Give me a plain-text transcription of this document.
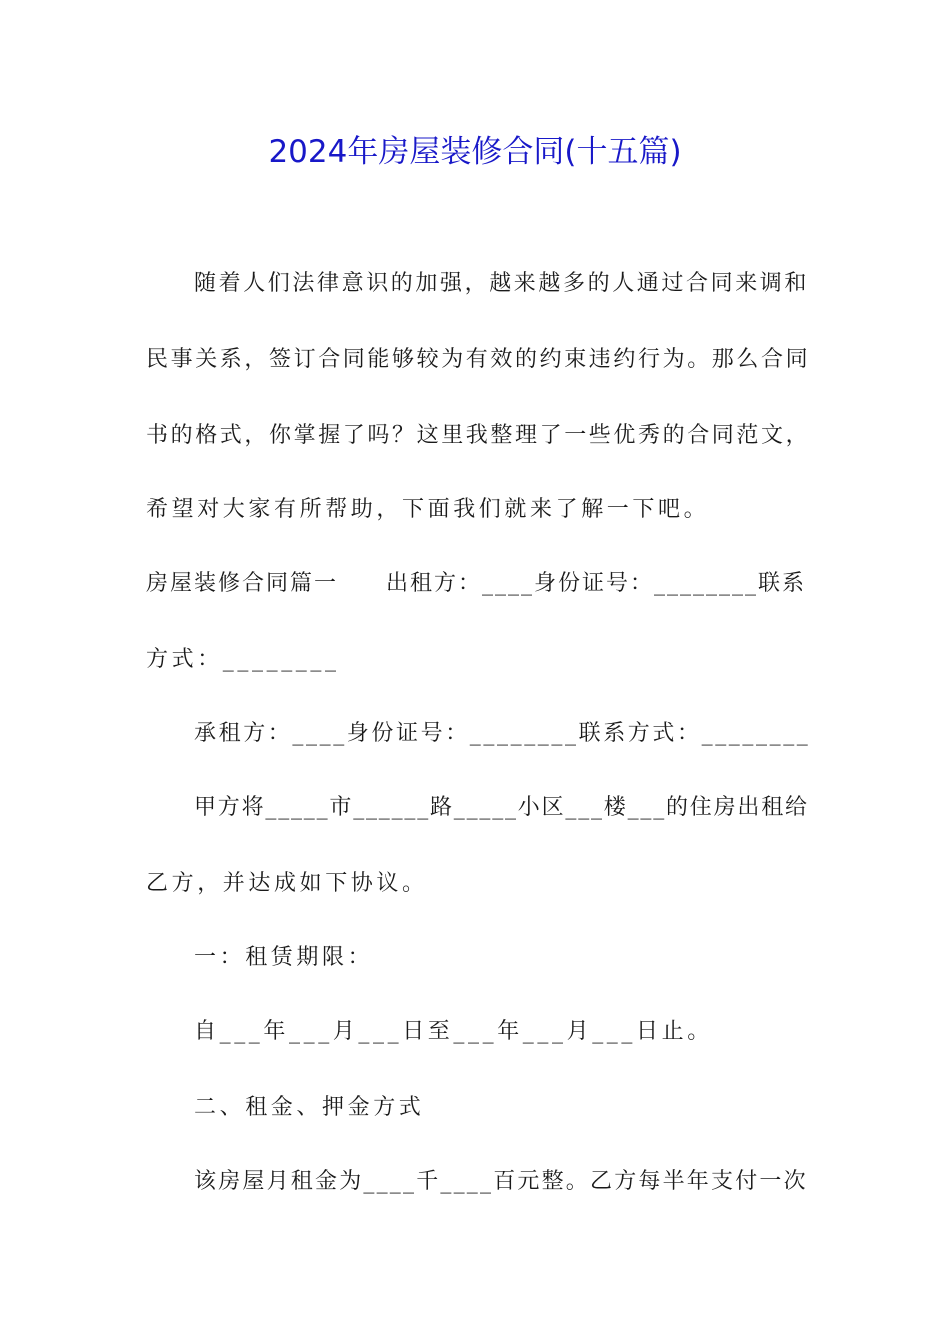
2024年房屋装修合同(十五篇)
随着人们法律意识的加强，越来越多的人通过合同来调和
民事关系，签订合同能够较为有效的约束违约行为。那么合同
书的格式，你掌握了吗？这里我整理了一些优秀的合同范文，
希望对大家有所帮助，下面我们就来了解一下吧。
房屋装修合同篇一　　出租方：____身份证号：________联系
方式：________
承租方：____身份证号：________联系方式：________
甲方将_____市______路_____小区___楼___的住房出租给
乙方，并达成如下协议。
一：租赁期限：
自___年___月___日至___年___月___日止。
二、租金、押金方式
该房屋月租金为____千____百元整。乙方每半年支付一次
